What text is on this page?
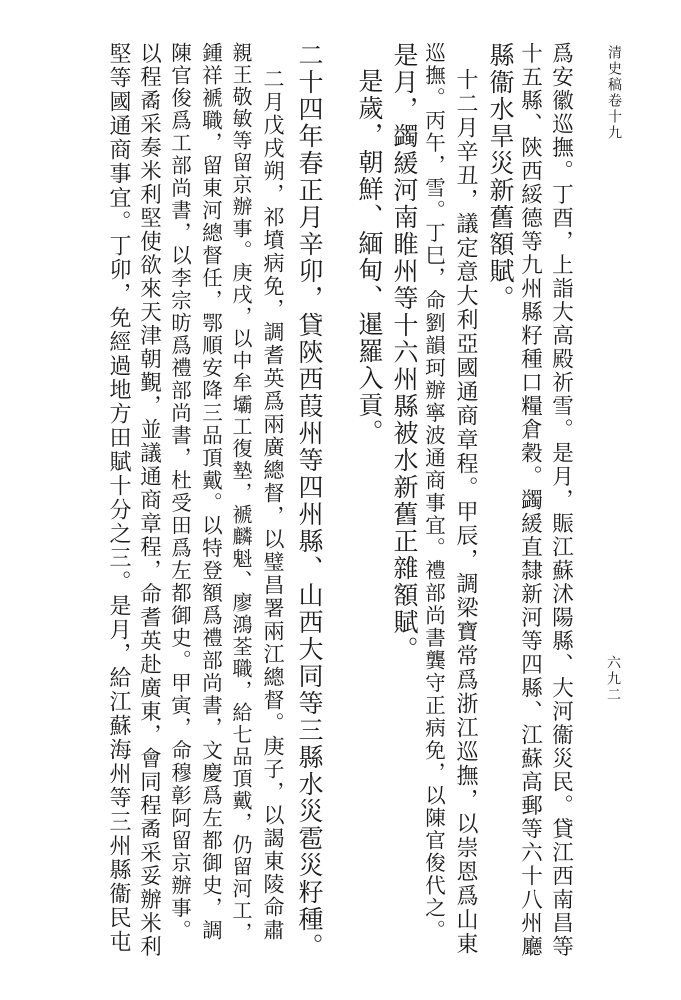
清史稿卷十九
六九二
爲安徽巡撫。丁酉，上詣大高殿祈雪。是月，賑江蘇沭陽縣、大河衞災民。貸江西南昌等
十五縣、陝西綏德等九州縣籽種口糧倉穀。蠲緩直隸新河等四縣、江蘇高郵等六十八州廳
縣衞水旱災新舊額賦。
十二月辛丑，議定意大利亞國通商章程。甲辰，調梁寶常爲浙江巡撫，以崇恩爲山東
巡撫。丙午，雪。丁巳，命劉韻珂辦寧波通商事宜。禮部尚書龔守正病免，以陳官俊代之。
是月，蠲緩河南睢州等十六州縣被水新舊正雜額賦。
是歲，朝鮮、緬甸、暹羅入貢。
二十四年春正月辛卯，貸陝西葭州等四州縣、山西大同等三縣水災雹災籽種。
二月戊戌朔，祁墳病免，調耆英爲兩廣總督，以璧昌署兩江總督。庚子，以謁東陵命肅
親王敬敏等留京辦事。庚戌，以中牟壩工復墊，褫麟魁、廖鴻荃職，給七品頂戴，仍留河工，
鍾祥褫職，留東河總督任，鄂順安降三品頂戴。以特登額爲禮部尚書，文慶爲左都御史，調
陳官俊爲工部尚書，以李宗昉爲禮部尚書，杜受田爲左都御史。甲寅，命穆彰阿留京辦事。
以程矞采奏米利堅使欲來天津朝覲，並議通商章程，命耆英赴廣東，會同程矞采妥辦米利
堅等國通商事宜。丁卯，免經過地方田賦十分之三。是月，給江蘇海州等三州縣衞民屯
